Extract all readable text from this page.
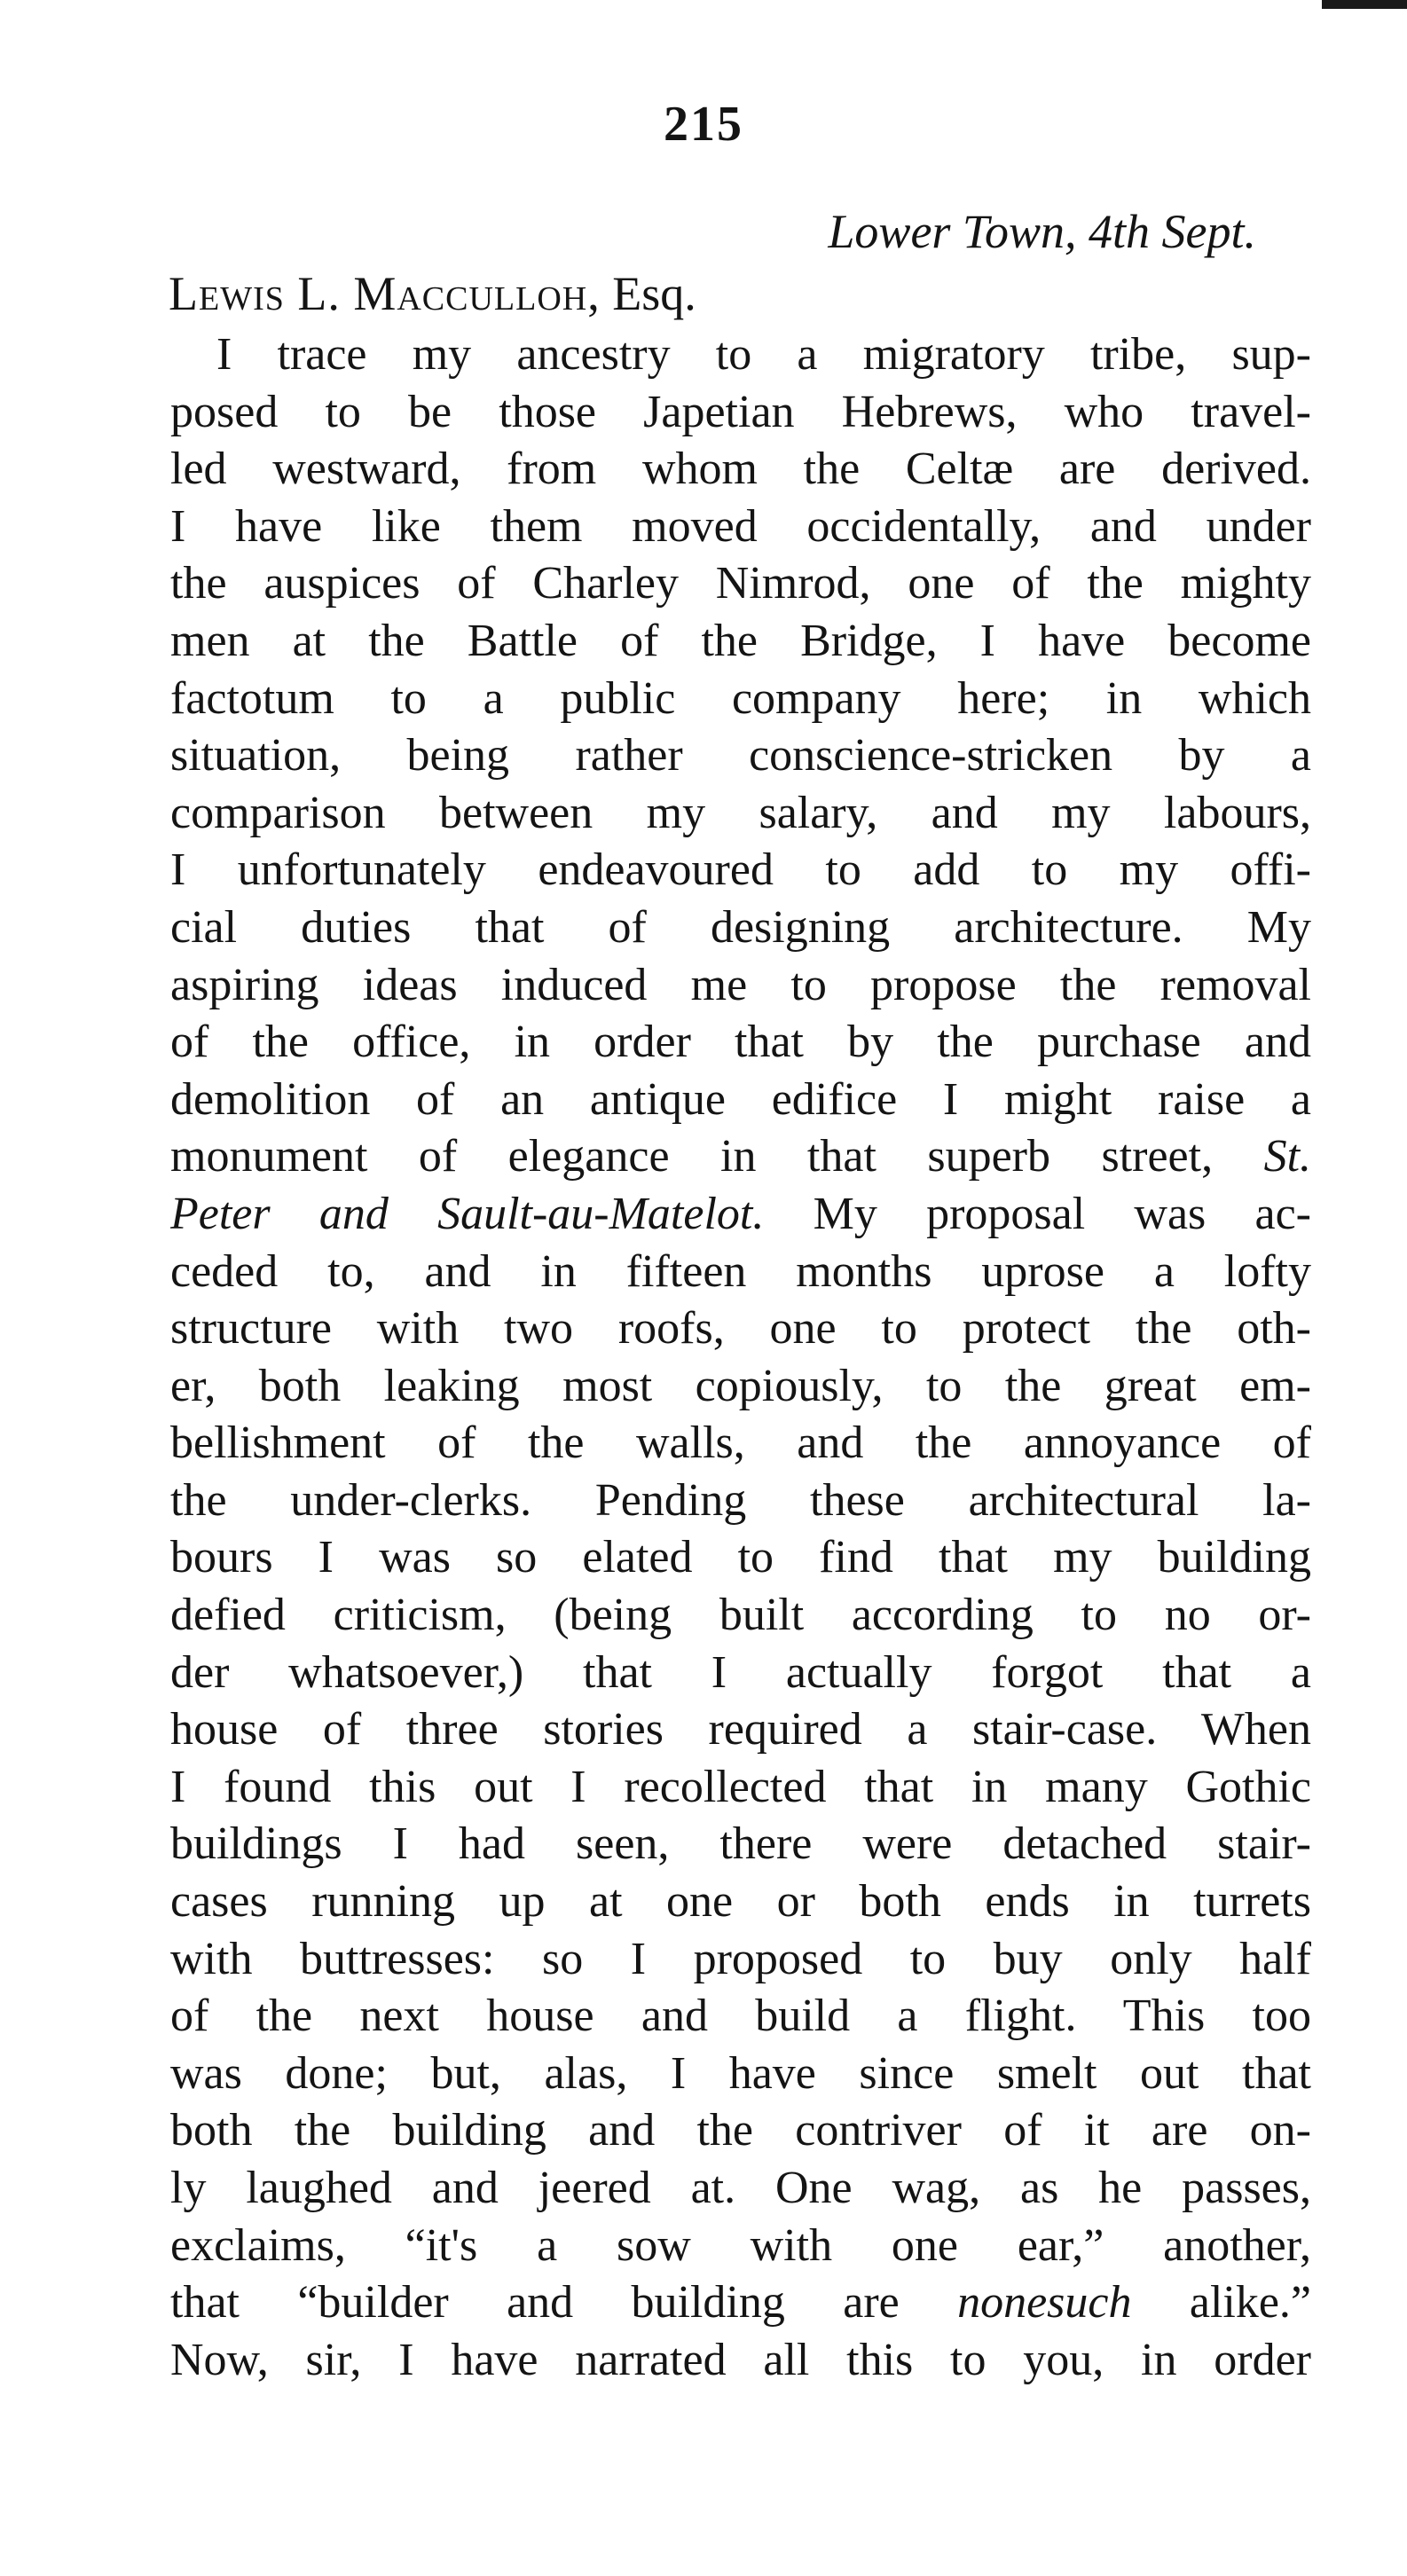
215
Lower Town, 4th Sept.
Lewis L. Macculloh, Esq.
I trace my ancestry to a migratory tribe, sup-
posed to be those Japetian Hebrews, who travel-
led westward, from whom the Celtæ are derived.
I have like them moved occidentally, and under
the auspices of Charley Nimrod, one of the mighty
men at the Battle of the Bridge, I have become
factotum to a public company here; in which
situation, being rather conscience-stricken by a
comparison between my salary, and my labours,
I unfortunately endeavoured to add to my offi-
cial duties that of designing architecture. My
aspiring ideas induced me to propose the removal
of the office, in order that by the purchase and
demolition of an antique edifice I might raise a
monument of elegance in that superb street, St.
Peter and Sault-au-Matelot. My proposal was ac-
ceded to, and in fifteen months uprose a lofty
structure with two roofs, one to protect the oth-
er, both leaking most copiously, to the great em-
bellishment of the walls, and the annoyance of
the under-clerks. Pending these architectural la-
bours I was so elated to find that my building
defied criticism, (being built according to no or-
der whatsoever,) that I actually forgot that a
house of three stories required a stair-case. When
I found this out I recollected that in many Gothic
buildings I had seen, there were detached stair-
cases running up at one or both ends in turrets
with buttresses: so I proposed to buy only half
of the next house and build a flight. This too
was done; but, alas, I have since smelt out that
both the building and the contriver of it are on-
ly laughed and jeered at. One wag, as he passes,
exclaims, “it's a sow with one ear,” another,
that “builder and building are nonesuch alike.”
Now, sir, I have narrated all this to you, in order
